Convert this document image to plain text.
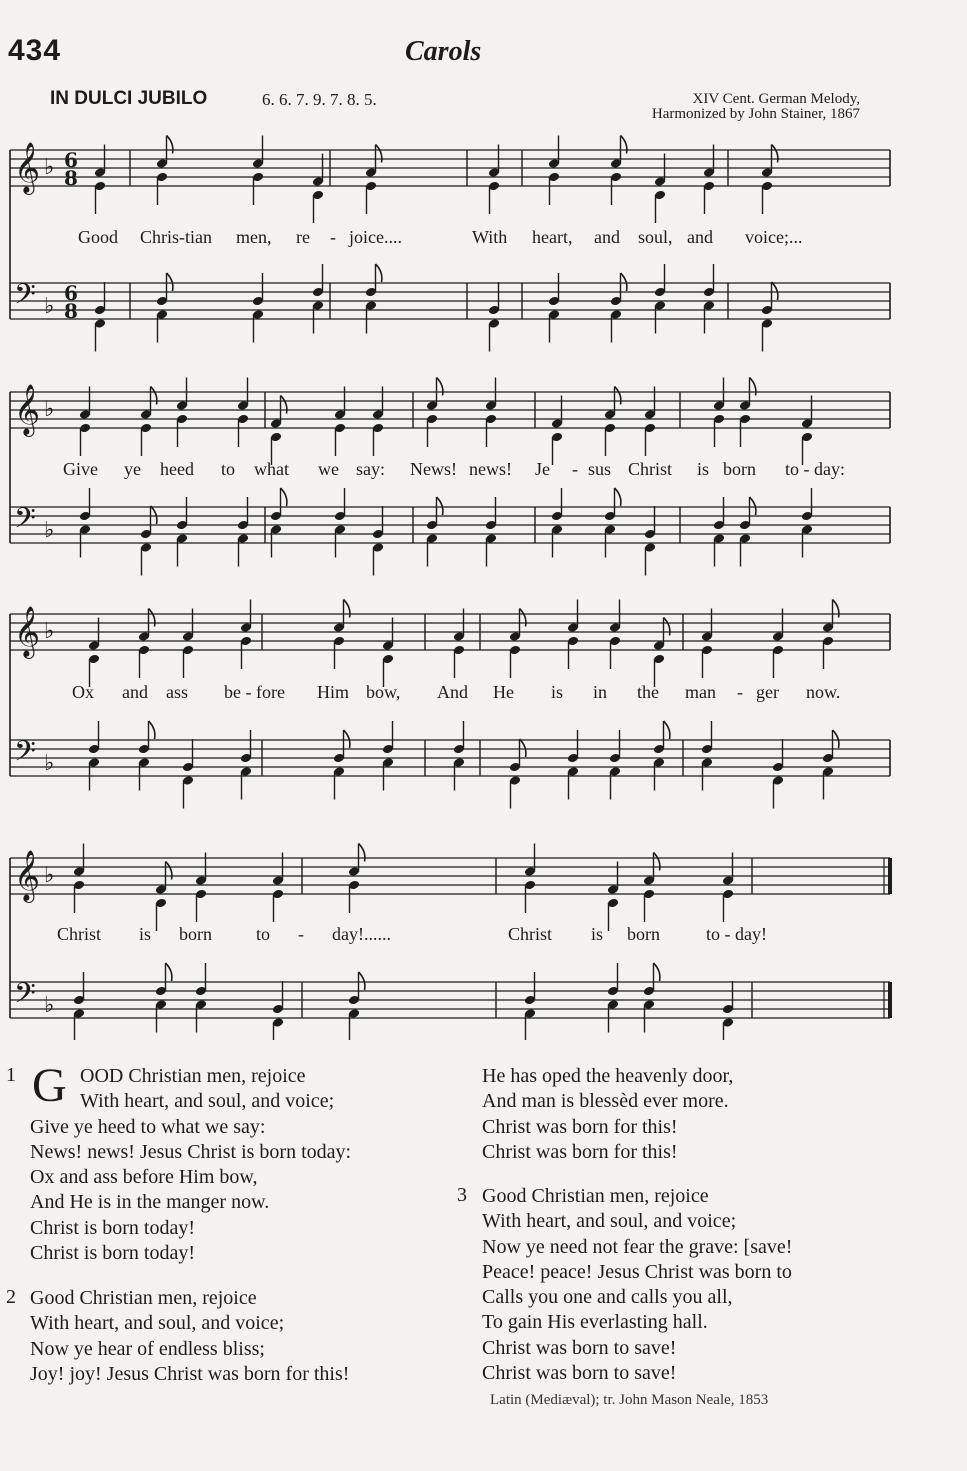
434	Carols
IN DULCI JUBILO	6. 6. 7. 9. 7. 8. 5.	XIV Cent. German Melody,
Harmonized by John Stainer, 1867
𝄞
𝄢
♭
♭
6
8
6
8
Good Chris-tian men, re - joice....	With heart, and soul, and voice;...
𝄞
𝄢
♭
♭
Give ye heed to what we say: News! news! Je - sus Christ is born to - day:
𝄞
𝄢
♭
♭
Ox and ass be - fore Him bow, And He is in the man - ger now.
𝄞
𝄢
♭
♭
Christ is born to - day!......	Christ is born	to - day!
1 G OOD Christian men, rejoice
With heart, and soul, and voice;
Give ye heed to what we say:
News! news! Jesus Christ is born today:
Ox and ass before Him bow,
And He is in the manger now.
Christ is born today!
Christ is born today!
2 Good Christian men, rejoice
With heart, and soul, and voice;
Now ye hear of endless bliss;
Joy! joy! Jesus Christ was born for this!
He has oped the heavenly door,
And man is blessèd ever more.
Christ was born for this!
Christ was born for this!
3 Good Christian men, rejoice
With heart, and soul, and voice;
Now ye need not fear the grave: [save!
Peace! peace! Jesus Christ was born to
Calls you one and calls you all,
To gain His everlasting hall.
Christ was born to save!
Christ was born to save!
Latin (Mediæval); tr. John Mason Neale, 1853
